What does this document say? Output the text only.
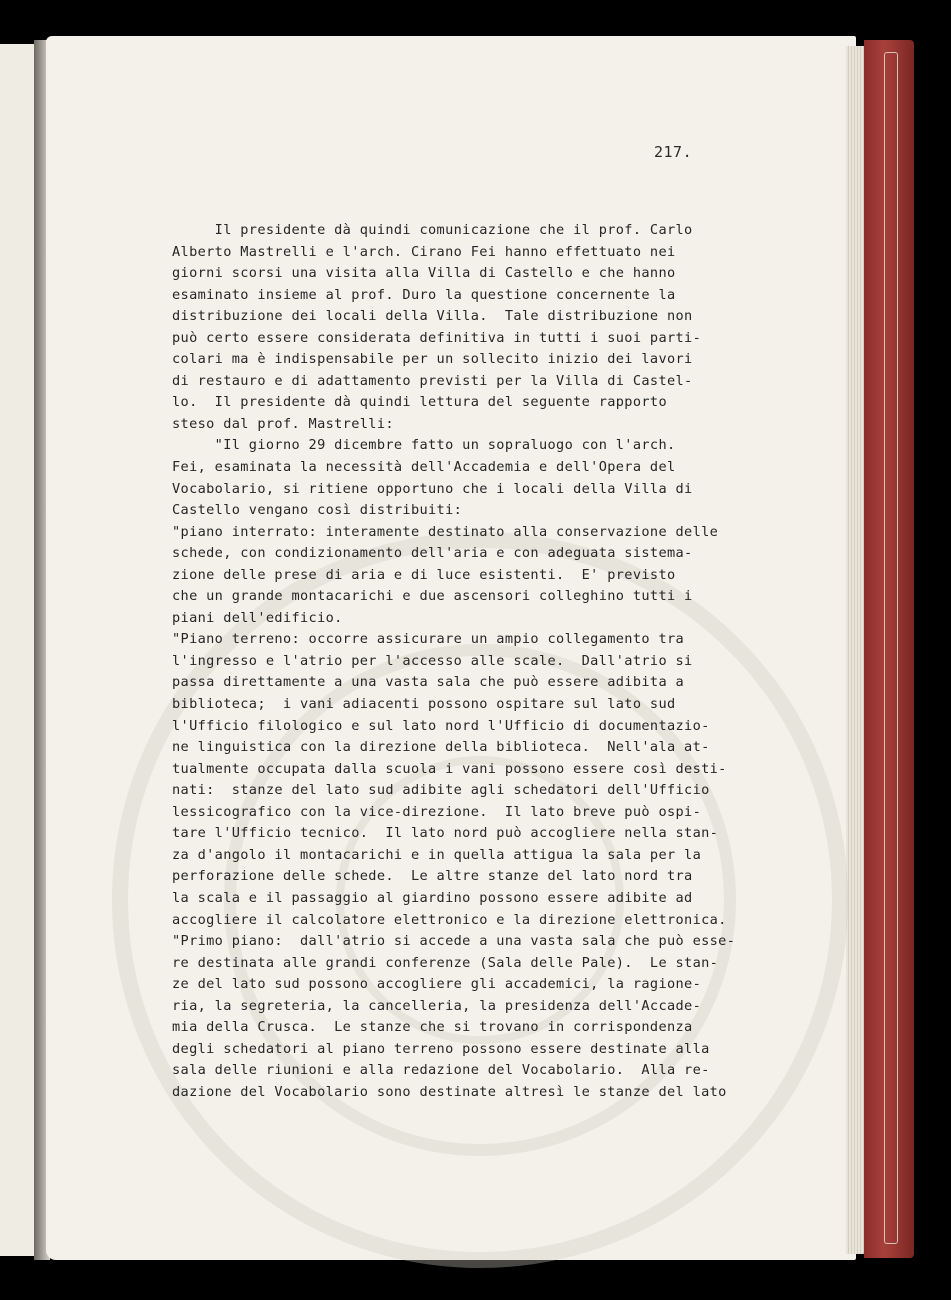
217.
Il presidente dà quindi comunicazione che il prof. Carlo
Alberto Mastrelli e l'arch. Cirano Fei hanno effettuato nei
giorni scorsi una visita alla Villa di Castello e che hanno
esaminato insieme al prof. Duro la questione concernente la
distribuzione dei locali della Villa.  Tale distribuzione non
può certo essere considerata definitiva in tutti i suoi parti-
colari ma è indispensabile per un sollecito inizio dei lavori
di restauro e di adattamento previsti per la Villa di Castel-
lo.  Il presidente dà quindi lettura del seguente rapporto
steso dal prof. Mastrelli:
"Il giorno 29 dicembre fatto un sopraluogo con l'arch.
Fei, esaminata la necessità dell'Accademia e dell'Opera del
Vocabolario, si ritiene opportuno che i locali della Villa di
Castello vengano così distribuiti:
"piano interrato: interamente destinato alla conservazione delle
schede, con condizionamento dell'aria e con adeguata sistema-
zione delle prese di aria e di luce esistenti.  E' previsto
che un grande montacarichi e due ascensori colleghino tutti i
piani dell'edificio.
"Piano terreno: occorre assicurare un ampio collegamento tra
l'ingresso e l'atrio per l'accesso alle scale.  Dall'atrio si
passa direttamente a una vasta sala che può essere adibita a
biblioteca;  i vani adiacenti possono ospitare sul lato sud
l'Ufficio filologico e sul lato nord l'Ufficio di documentazio-
ne linguistica con la direzione della biblioteca.  Nell'ala at-
tualmente occupata dalla scuola i vani possono essere così desti-
nati:  stanze del lato sud adibite agli schedatori dell'Ufficio
lessicografico con la vice-direzione.  Il lato breve può ospi-
tare l'Ufficio tecnico.  Il lato nord può accogliere nella stan-
za d'angolo il montacarichi e in quella attigua la sala per la
perforazione delle schede.  Le altre stanze del lato nord tra
la scala e il passaggio al giardino possono essere adibite ad
accogliere il calcolatore elettronico e la direzione elettronica.
"Primo piano:  dall'atrio si accede a una vasta sala che può esse-
re destinata alle grandi conferenze (Sala delle Pale).  Le stan-
ze del lato sud possono accogliere gli accademici, la ragione-
ria, la segreteria, la cancelleria, la presidenza dell'Accade-
mia della Crusca.  Le stanze che si trovano in corrispondenza
degli schedatori al piano terreno possono essere destinate alla
sala delle riunioni e alla redazione del Vocabolario.  Alla re-
dazione del Vocabolario sono destinate altresì le stanze del lato
